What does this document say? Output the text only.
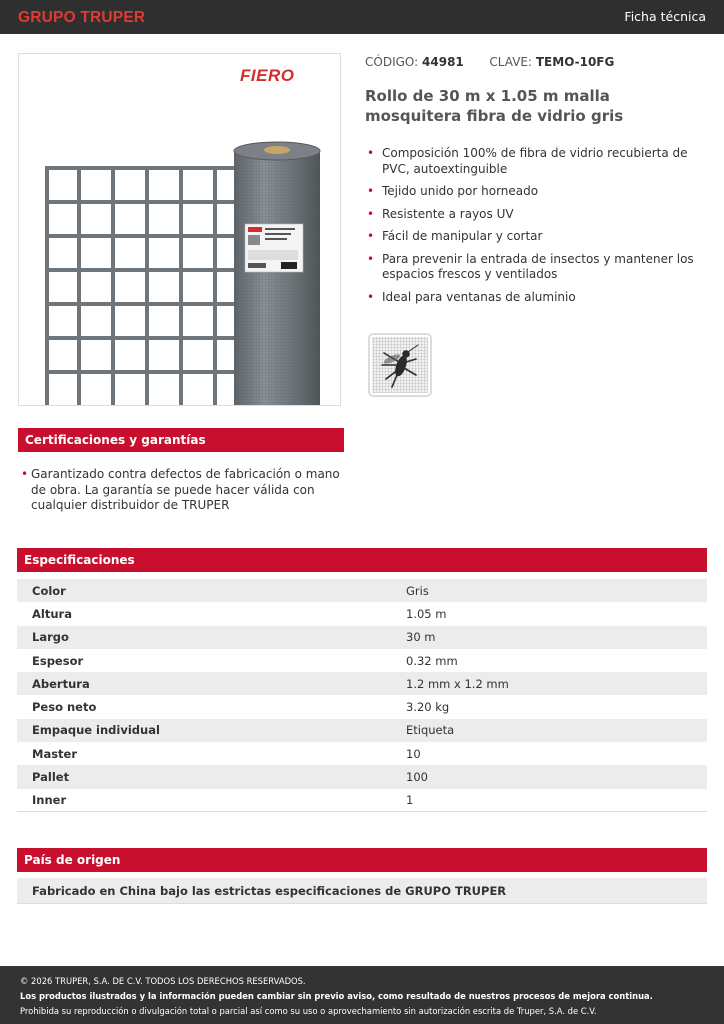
GRUPO TRUPER	Ficha técnica
FIERO
CÓDIGO: 44981 CLAVE: TEMO-10FG
Rollo de 30 m x 1.05 m malla mosquitera fibra de vidrio gris
• Composición 100% de fibra de vidrio recubierta de PVC, autoextinguible
• Tejido unido por horneado
• Resistente a rayos UV
• Fácil de manipular y cortar
• Para prevenir la entrada de insectos y mantener los espacios frescos y ventilados
• Ideal para ventanas de aluminio
Certificaciones y garantías
• Garantizado contra defectos de fabricación o mano de obra. La garantía se puede hacer válida con cualquier distribuidor de TRUPER
Especificaciones
Color	Gris
Altura	1.05 m
Largo	30 m
Espesor	0.32 mm
Abertura	1.2 mm x 1.2 mm
Peso neto	3.20 kg
Empaque individual	Etiqueta
Master	10
Pallet	100
Inner	1
País de origen
Fabricado en China bajo las estrictas especificaciones de GRUPO TRUPER

© 2026 TRUPER, S.A. DE C.V. TODOS LOS DERECHOS RESERVADOS.

Los productos ilustrados y la información pueden cambiar sin previo aviso, como resultado de nuestros procesos de mejora continua.

Prohibida su reproducción o divulgación total o parcial así como su uso o aprovechamiento sin autorización escrita de Truper, S.A. de C.V.
